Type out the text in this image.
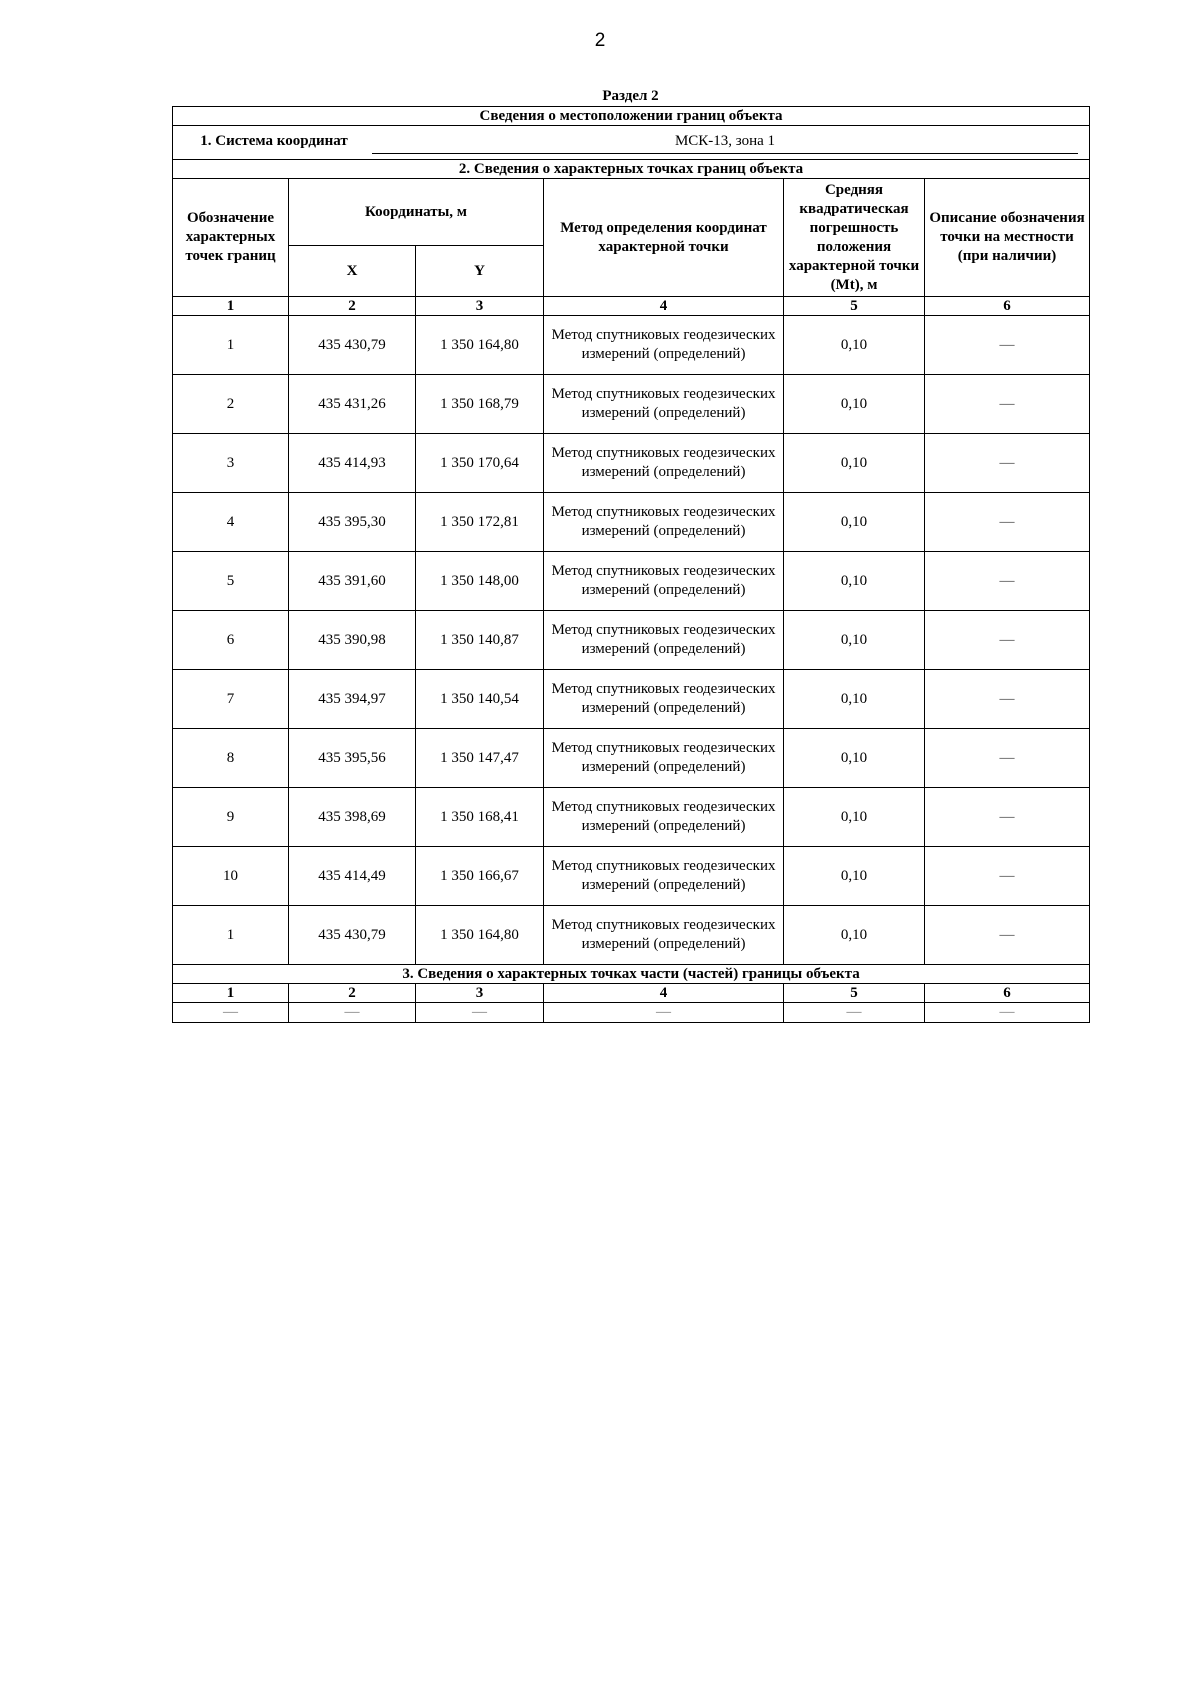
2
Раздел 2
Сведения о местоположении границ объекта					

1. Система координат МСК-13, зона 1					

2. Сведения о характерных точках границ объекта					
Обозначение характерных точек границ	Координаты, м		Метод определения координат характерной точки	Средняя квадратическая погрешность положения характерной точки (Mt), м	Описание обозначения точки на местности (при наличии)
	X	Y			
1	2	3	4	5	6
1	435 430,79	1 350 164,80	Метод спутниковых геодезических измерений (определений)	0,10	—
2	435 431,26	1 350 168,79	Метод спутниковых геодезических измерений (определений)	0,10	—
3	435 414,93	1 350 170,64	Метод спутниковых геодезических измерений (определений)	0,10	—
4	435 395,30	1 350 172,81	Метод спутниковых геодезических измерений (определений)	0,10	—
5	435 391,60	1 350 148,00	Метод спутниковых геодезических измерений (определений)	0,10	—
6	435 390,98	1 350 140,87	Метод спутниковых геодезических измерений (определений)	0,10	—
7	435 394,97	1 350 140,54	Метод спутниковых геодезических измерений (определений)	0,10	—
8	435 395,56	1 350 147,47	Метод спутниковых геодезических измерений (определений)	0,10	—
9	435 398,69	1 350 168,41	Метод спутниковых геодезических измерений (определений)	0,10	—
10	435 414,49	1 350 166,67	Метод спутниковых геодезических измерений (определений)	0,10	—
1	435 430,79	1 350 164,80	Метод спутниковых геодезических измерений (определений)	0,10	—
3. Сведения о характерных точках части (частей) границы объекта					
1	2	3	4	5	6
—	—	—	—	—	—
